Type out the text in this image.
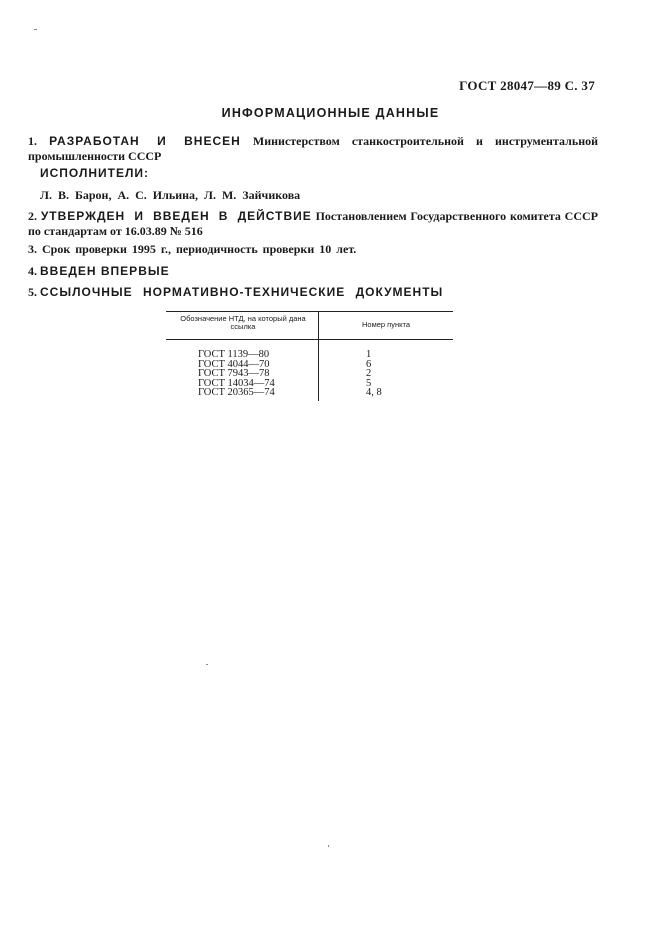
ГОСТ 28047—89 С. 37
ИНФОРМАЦИОННЫЕ ДАННЫЕ
1. РАЗРАБОТАН И ВНЕСЕН Министерством станкостроительной и инструментальной промышленности СССР
ИСПОЛНИТЕЛИ:
Л. В. Барон, А. С. Ильина, Л. М. Зайчикова
2. УТВЕРЖДЕН И ВВЕДЕН В ДЕЙСТВИЕ Постановлением Государственного комитета СССР по стандартам от 16.03.89 № 516
3. Срок проверки 1995 г., периодичность проверки 10 лет.
4. ВВЕДЕН ВПЕРВЫЕ
5. ССЫЛОЧНЫЕ НОРМАТИВНО-ТЕХНИЧЕСКИЕ ДОКУМЕНТЫ
Обозначение НТД, на который дана ссылка	Номер пункта
ГОСТ 1139—80	1
ГОСТ 4044—70	6
ГОСТ 7943—78	2
ГОСТ 14034—74	5
ГОСТ 20365—74	4, 8
